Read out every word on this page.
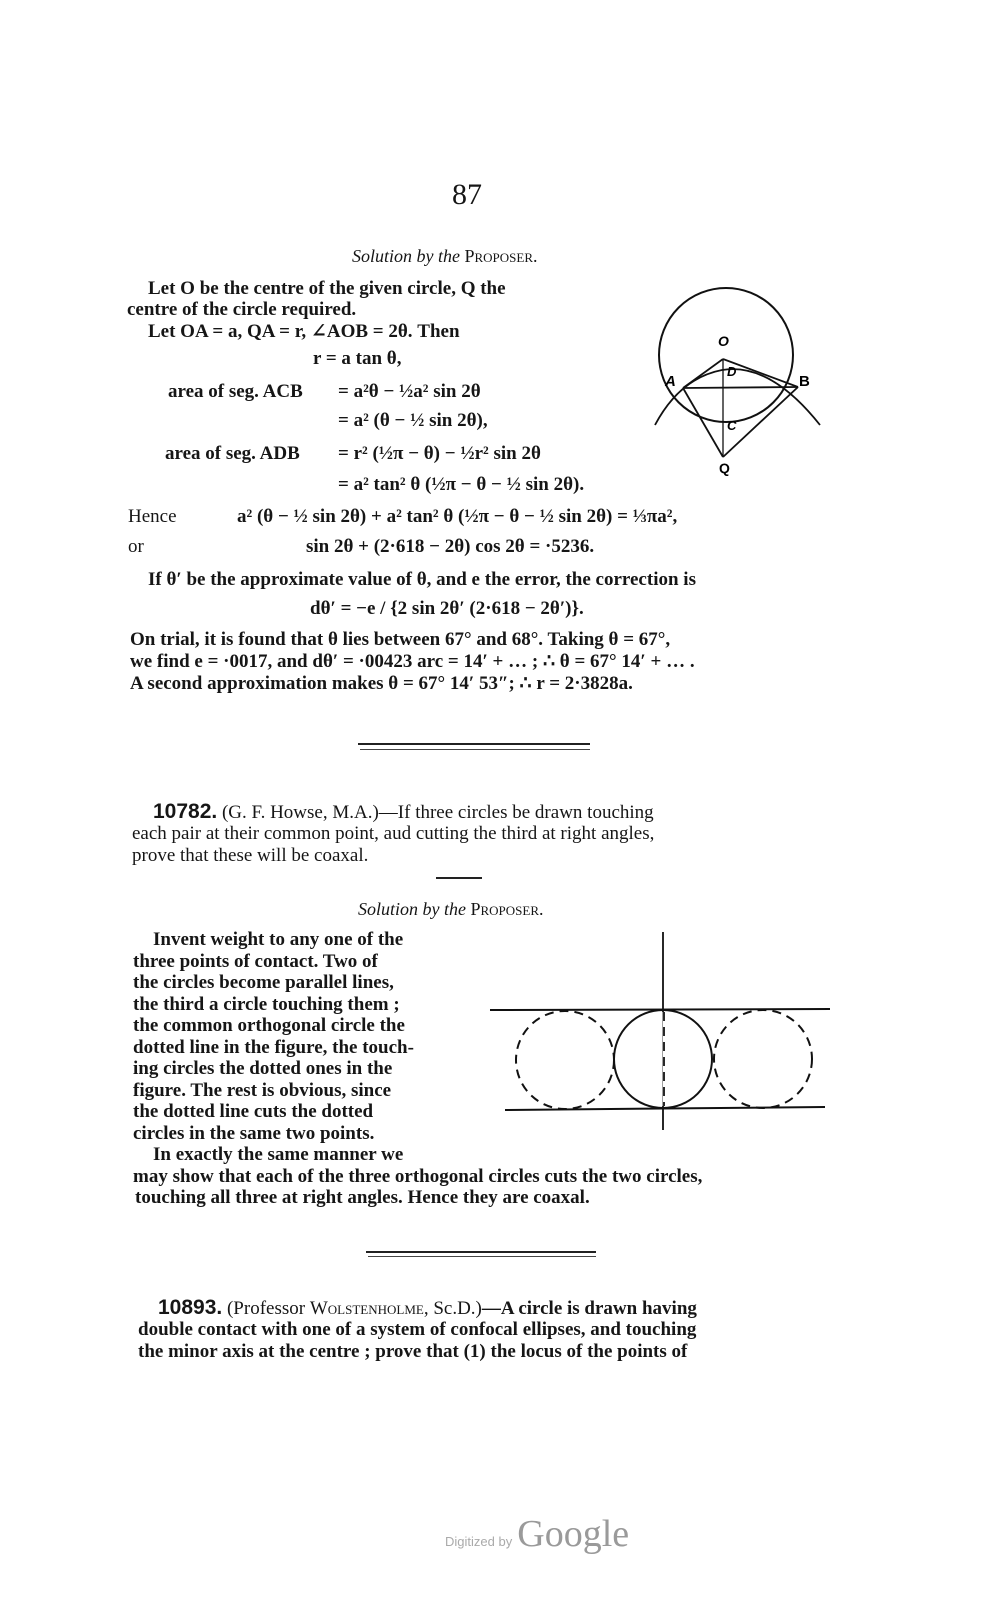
87
Solution by the Proposer.
Let O be the centre of the given circle, Q the
centre of the circle required.
Let OA = a, QA = r, ∠AOB = 2θ. Then
r = a tan θ,
area of seg. ACB = a²θ − ½a² sin 2θ
= a² (θ − ½ sin 2θ),
area of seg. ADB = r² (½π − θ) − ½r² sin 2θ
= a² tan² θ (½π − θ − ½ sin 2θ).
Hence	a² (θ − ½ sin 2θ) + a² tan² θ (½π − θ − ½ sin 2θ) = ⅓πa²,
or	sin 2θ + (2·618 − 2θ) cos 2θ = ·5236.
If θ′ be the approximate value of θ, and e the error, the correction is
dθ′ = −e / {2 sin 2θ′ (2·618 − 2θ′)}.
On trial, it is found that θ lies between 67° and 68°. Taking θ = 67°,
we find e = ·0017, and dθ′ = ·00423 arc = 14′ + … ; ∴ θ = 67° 14′ + … .
A second approximation makes θ = 67° 14′ 53″; ∴ r = 2·3828a.
O
A	B
D
C
Q
10782. (G. F. Howse, M.A.)—If three circles be drawn touching
each pair at their common point, aud cutting the third at right angles,
prove that these will be coaxal.
Solution by the Proposer.
Invent weight to any one of the
three points of contact. Two of
the circles become parallel lines,
the third a circle touching them ;
the common orthogonal circle the
dotted line in the figure, the touch-
ing circles the dotted ones in the
figure. The rest is obvious, since
the dotted line cuts the dotted
circles in the same two points.
In exactly the same manner we
may show that each of the three orthogonal circles cuts the two circles,
touching all three at right angles. Hence they are coaxal.
10893. (Professor Wolstenholme, Sc.D.)—A circle is drawn having
double contact with one of a system of confocal ellipses, and touching
the minor axis at the centre ; prove that (1) the locus of the points of
Digitized by Google
